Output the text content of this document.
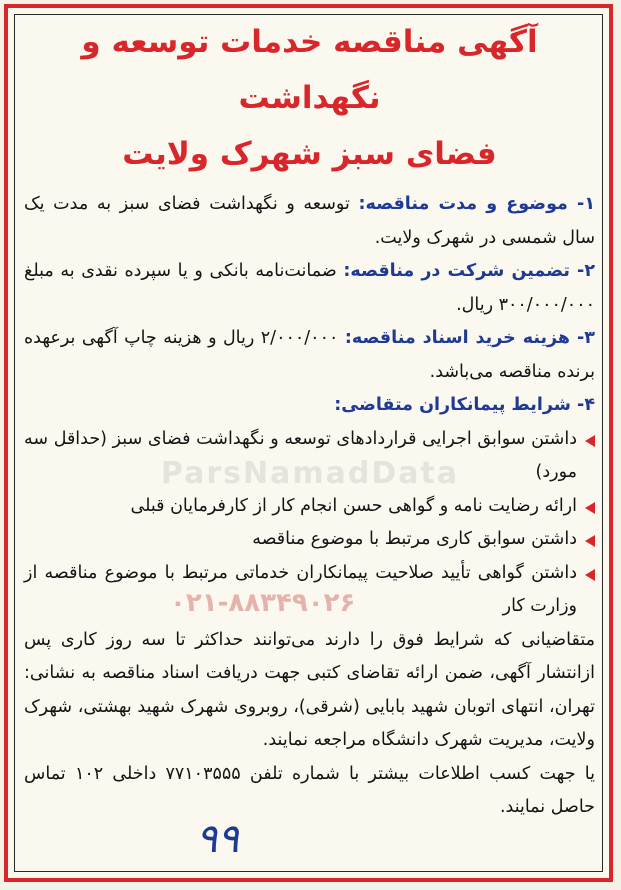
ParsNamadData
۰۲۱-۸۸۳۴۹۰۲۶
آگهی مناقصه خدمات توسعه و نگهداشت
فضای سبز شهرک ولایت

۱- موضوع و مدت مناقصه: توسعه و نگهداشت فضای سبز به مدت یک سال شمسی در شهرک ولایت.

۲- تضمین شرکت در مناقصه: ضمانت‌نامه بانکی و یا سپرده نقدی به مبلغ ۳۰۰/۰۰۰/۰۰۰ ریال.

۳- هزینه خرید اسناد مناقصه: ۲/۰۰۰/۰۰۰ ریال و هزینه چاپ آگهی برعهده برنده مناقصه می‌باشد.

۴- شرایط پیمانکاران متقاضی:

داشتن سوابق اجرایی قراردادهای توسعه و نگهداشت فضای سبز (حداقل سه مورد)
ارائه رضایت نامه و گواهی حسن انجام کار از کارفرمایان قبلی
داشتن سوابق کاری مرتبط با موضوع مناقصه
داشتن گواهی تأیید صلاحیت پیمانکاران خدماتی مرتبط با موضوع مناقصه از وزارت کار

متقاضیانی که شرایط فوق را دارند می‌توانند حداکثر تا سه روز کاری پس ازانتشار آگهی، ضمن ارائه تقاضای کتبی جهت دریافت اسناد مناقصه به نشانی: تهران، انتهای اتوبان شهید بابایی (شرقی)، روبروی شهرک شهید بهشتی، شهرک ولایت، مدیریت شهرک دانشگاه مراجعه نمایند.

یا جهت کسب اطلاعات بیشتر با شماره تلفن ۷۷۱۰۳۵۵۵ داخلی ۱۰۲ تماس حاصل نمایند.

۹۹
